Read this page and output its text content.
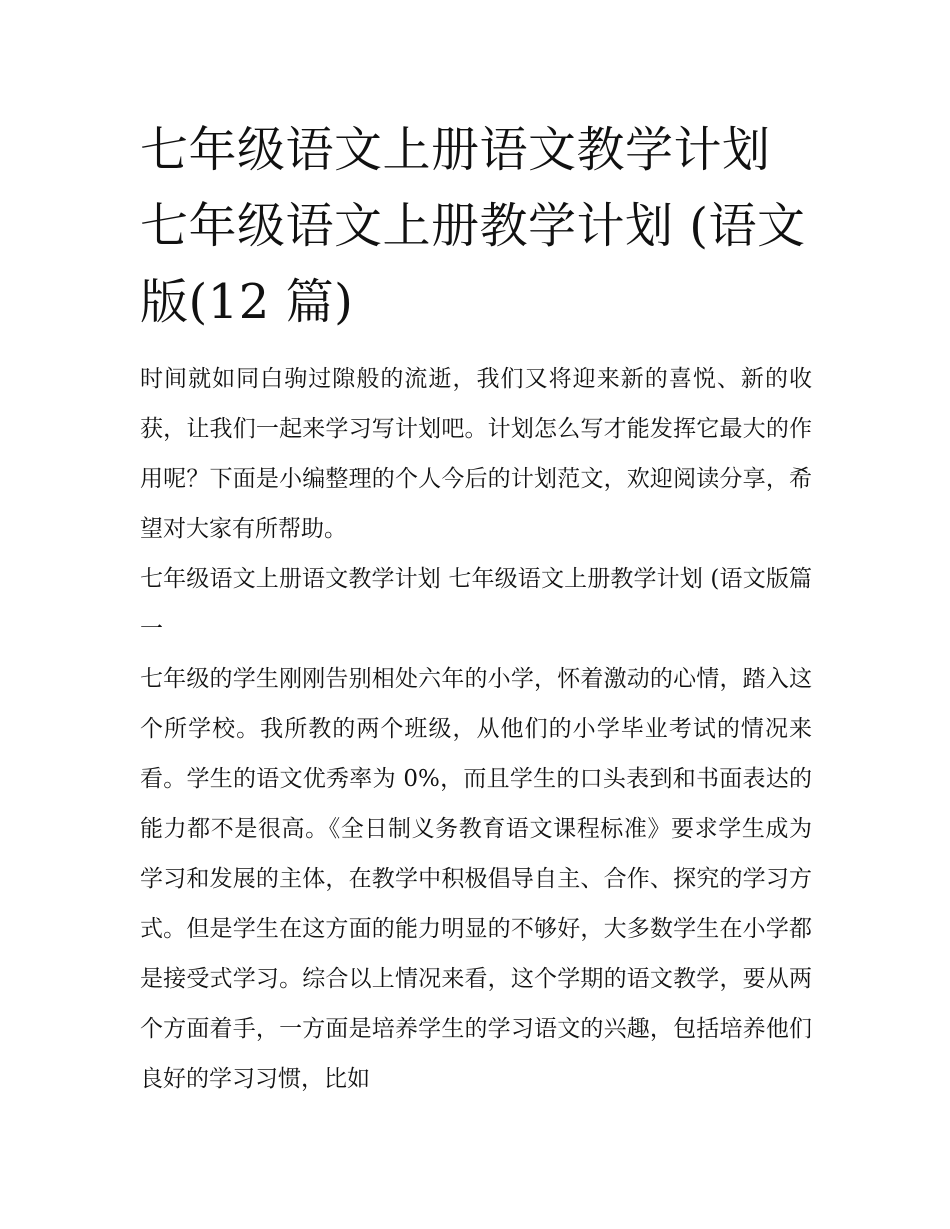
七年级语文上册语文教学计划 七年级语文上册教学计划 (语文版(12 篇)

时间就如同白驹过隙般的流逝，我们又将迎来新的喜悦、新的收获，让我们一起来学习写计划吧。计划怎么写才能发挥它最大的作用呢？下面是小编整理的个人今后的计划范文，欢迎阅读分享，希望对大家有所帮助。

七年级语文上册语文教学计划 七年级语文上册教学计划 (语文版篇一

七年级的学生刚刚告别相处六年的小学，怀着激动的心情，踏入这个所学校。我所教的两个班级，从他们的小学毕业考试的情况来看。学生的语文优秀率为 0%，而且学生的口头表到和书面表达的能力都不是很高。《全日制义务教育语文课程标准》要求学生成为学习和发展的主体，在教学中积极倡导自主、合作、探究的学习方式。但是学生在这方面的能力明显的不够好，大多数学生在小学都是接受式学习。综合以上情况来看，这个学期的语文教学，要从两个方面着手，一方面是培养学生的学习语文的兴趣，包括培养他们良好的学习习惯，比如
